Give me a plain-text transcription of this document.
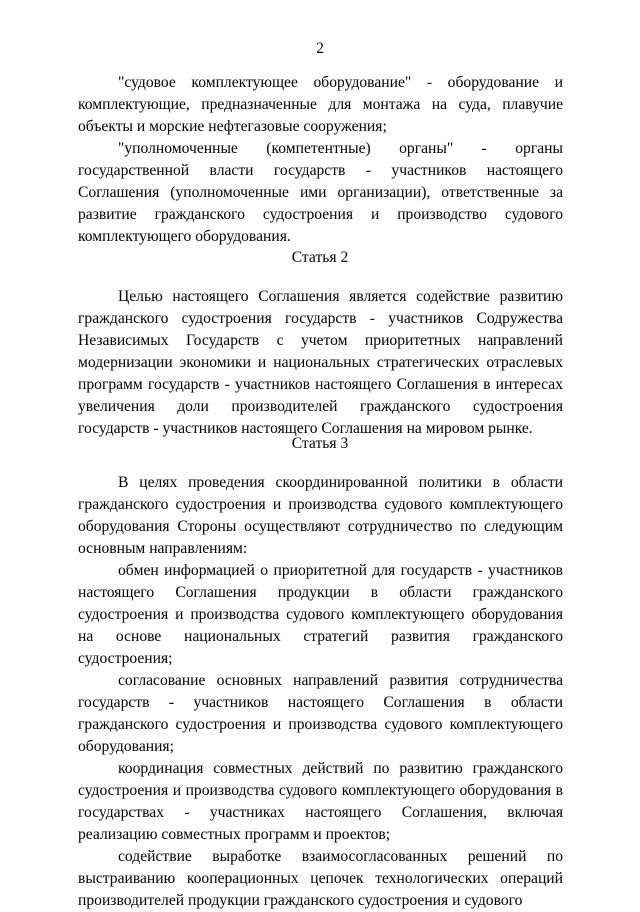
2

"судовое комплектующее оборудование" - оборудование и комплектующие, предназначенные для монтажа на суда, плавучие объекты и морские нефтегазовые сооружения;

"уполномоченные (компетентные) органы" - органы государственной власти государств - участников настоящего Соглашения (уполномоченные ими организации), ответственные за развитие гражданского судостроения и производство судового комплектующего оборудования.

Статья 2

Целью настоящего Соглашения является содействие развитию гражданского судостроения государств - участников Содружества Независимых Государств с учетом приоритетных направлений модернизации экономики и национальных стратегических отраслевых программ государств - участников настоящего Соглашения в интересах увеличения доли производителей гражданского судостроения государств - участников настоящего Соглашения на мировом рынке.

Статья 3

В целях проведения скоординированной политики в области гражданского судостроения и производства судового комплектующего оборудования Стороны осуществляют сотрудничество по следующим основным направлениям:

обмен информацией о приоритетной для государств - участников настоящего Соглашения продукции в области гражданского судостроения и производства судового комплектующего оборудования на основе национальных стратегий развития гражданского судостроения;

согласование основных направлений развития сотрудничества государств - участников настоящего Соглашения в области гражданского судостроения и производства судового комплектующего оборудования;

координация совместных действий по развитию гражданского судостроения и производства судового комплектующего оборудования в государствах - участниках настоящего Соглашения, включая реализацию совместных программ и проектов;

содействие выработке взаимосогласованных решений по выстраиванию кооперационных цепочек технологических операций производителей продукции гражданского судостроения и судового
